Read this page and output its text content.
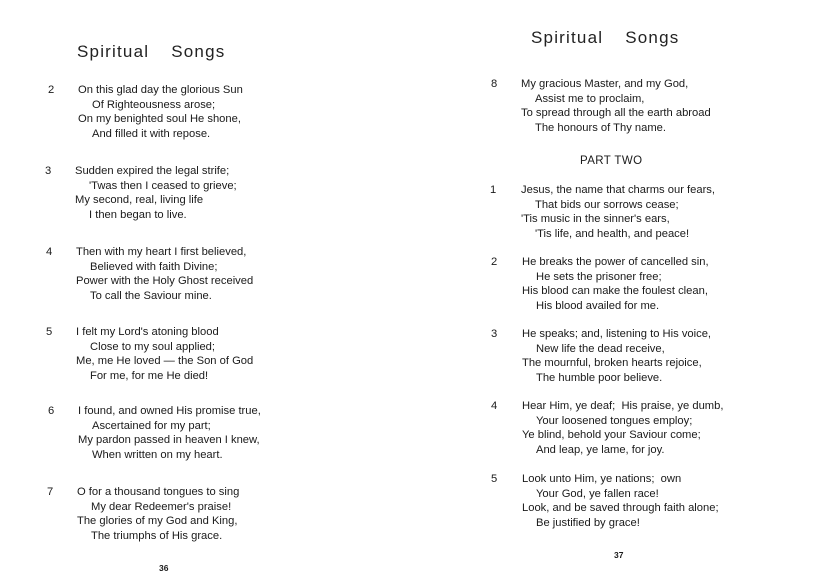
Spiritual Songs
2	On this glad day the glorious Sun
Of Righteousness arose;
On my benighted soul He shone,
And filled it with repose.
3	Sudden expired the legal strife;
'Twas then I ceased to grieve;
My second, real, living life
I then began to live.
4	Then with my heart I first believed,
Believed with faith Divine;
Power with the Holy Ghost received
To call the Saviour mine.
5	I felt my Lord's atoning blood
Close to my soul applied;
Me, me He loved — the Son of God
For me, for me He died!
6	I found, and owned His promise true,
Ascertained for my part;
My pardon passed in heaven I knew,
When written on my heart.
7	O for a thousand tongues to sing
My dear Redeemer's praise!
The glories of my God and King,
The triumphs of His grace.
36
Spiritual Songs
8	My gracious Master, and my God,
Assist me to proclaim,
To spread through all the earth abroad
The honours of Thy name.
PART TWO
1	Jesus, the name that charms our fears,
That bids our sorrows cease;
'Tis music in the sinner's ears,
'Tis life, and health, and peace!
2	He breaks the power of cancelled sin,
He sets the prisoner free;
His blood can make the foulest clean,
His blood availed for me.
3	He speaks; and, listening to His voice,
New life the dead receive,
The mournful, broken hearts rejoice,
The humble poor believe.
4	Hear Him, ye deaf;  His praise, ye dumb,
Your loosened tongues employ;
Ye blind, behold your Saviour come;
And leap, ye lame, for joy.
5	Look unto Him, ye nations;  own
Your God, ye fallen race!
Look, and be saved through faith alone;
Be justified by grace!
37
